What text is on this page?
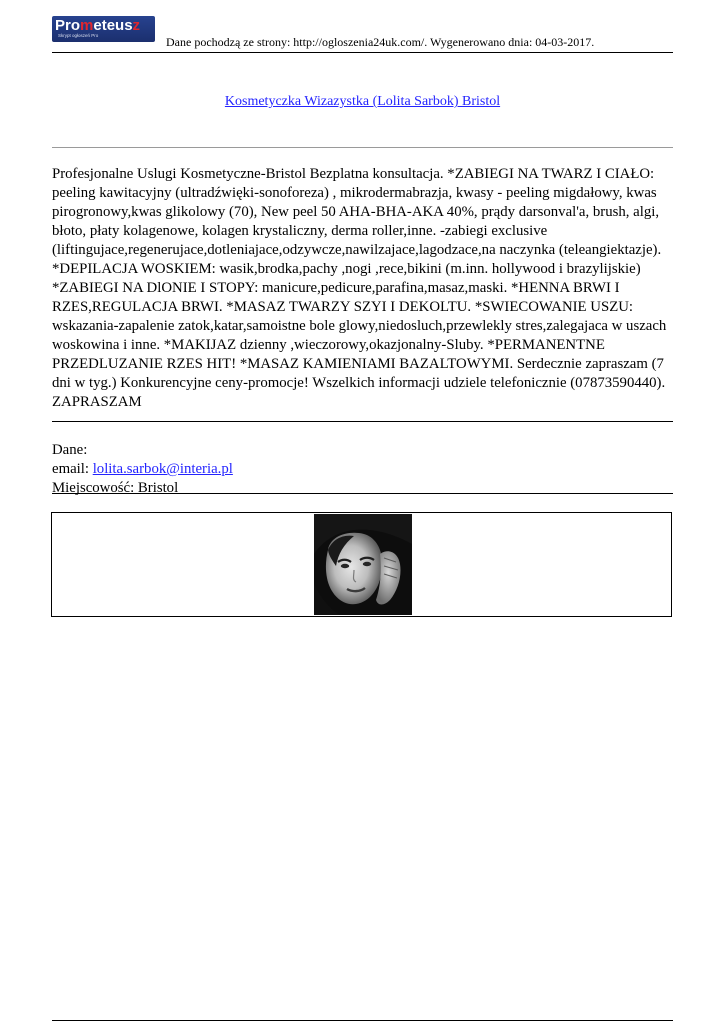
Prometeusz
Skrypt ogłoszeń Pro	Dane pochodzą ze strony: http://ogloszenia24uk.com/. Wygenerowano dnia: 04-03-2017.
Kosmetyczka Wizazystka (Lolita Sarbok) Bristol
Profesjonalne Uslugi Kosmetyczne-Bristol Bezplatna konsultacja. *ZABIEGI NA TWARZ I CIAŁO: peeling kawitacyjny (ultradźwięki-sonoforeza) , mikrodermabrazja, kwasy - peeling migdałowy, kwas pirogronowy,kwas glikolowy (70), New peel 50 AHA-BHA-AKA 40%, prądy darsonval'a, brush, algi, błoto, płaty kolagenowe, kolagen krystaliczny, derma roller,inne. -zabiegi exclusive (liftingujace,regenerujace,dotleniajace,odzywcze,nawilzajace,lagodzace,na naczynka (teleangiektazje). *DEPILACJA WOSKIEM: wasik,brodka,pachy ,nogi ,rece,bikini (m.inn. hollywood i brazylijskie) *ZABIEGI NA DlONIE I STOPY: manicure,pedicure,parafina,masaz,maski. *HENNA BRWI I RZES,REGULACJA BRWI. *MASAZ TWARZY SZYI I DEKOLTU. *SWIECOWANIE USZU: wskazania-zapalenie zatok,katar,samoistne bole glowy,niedosluch,przewlekly stres,zalegajaca w uszach woskowina i inne. *MAKIJAZ dzienny ,wieczorowy,okazjonalny-Sluby. *PERMANENTNE PRZEDLUZANIE RZES HIT! *MASAZ KAMIENIAMI BAZALTOWYMI. Serdecznie zapraszam (7 dni w tyg.) Konkurencyjne ceny-promocje! Wszelkich informacji udziele telefonicznie (07873590440). ZAPRASZAM
Dane:
email: lolita.sarbok@interia.pl
Miejscowość: Bristol
